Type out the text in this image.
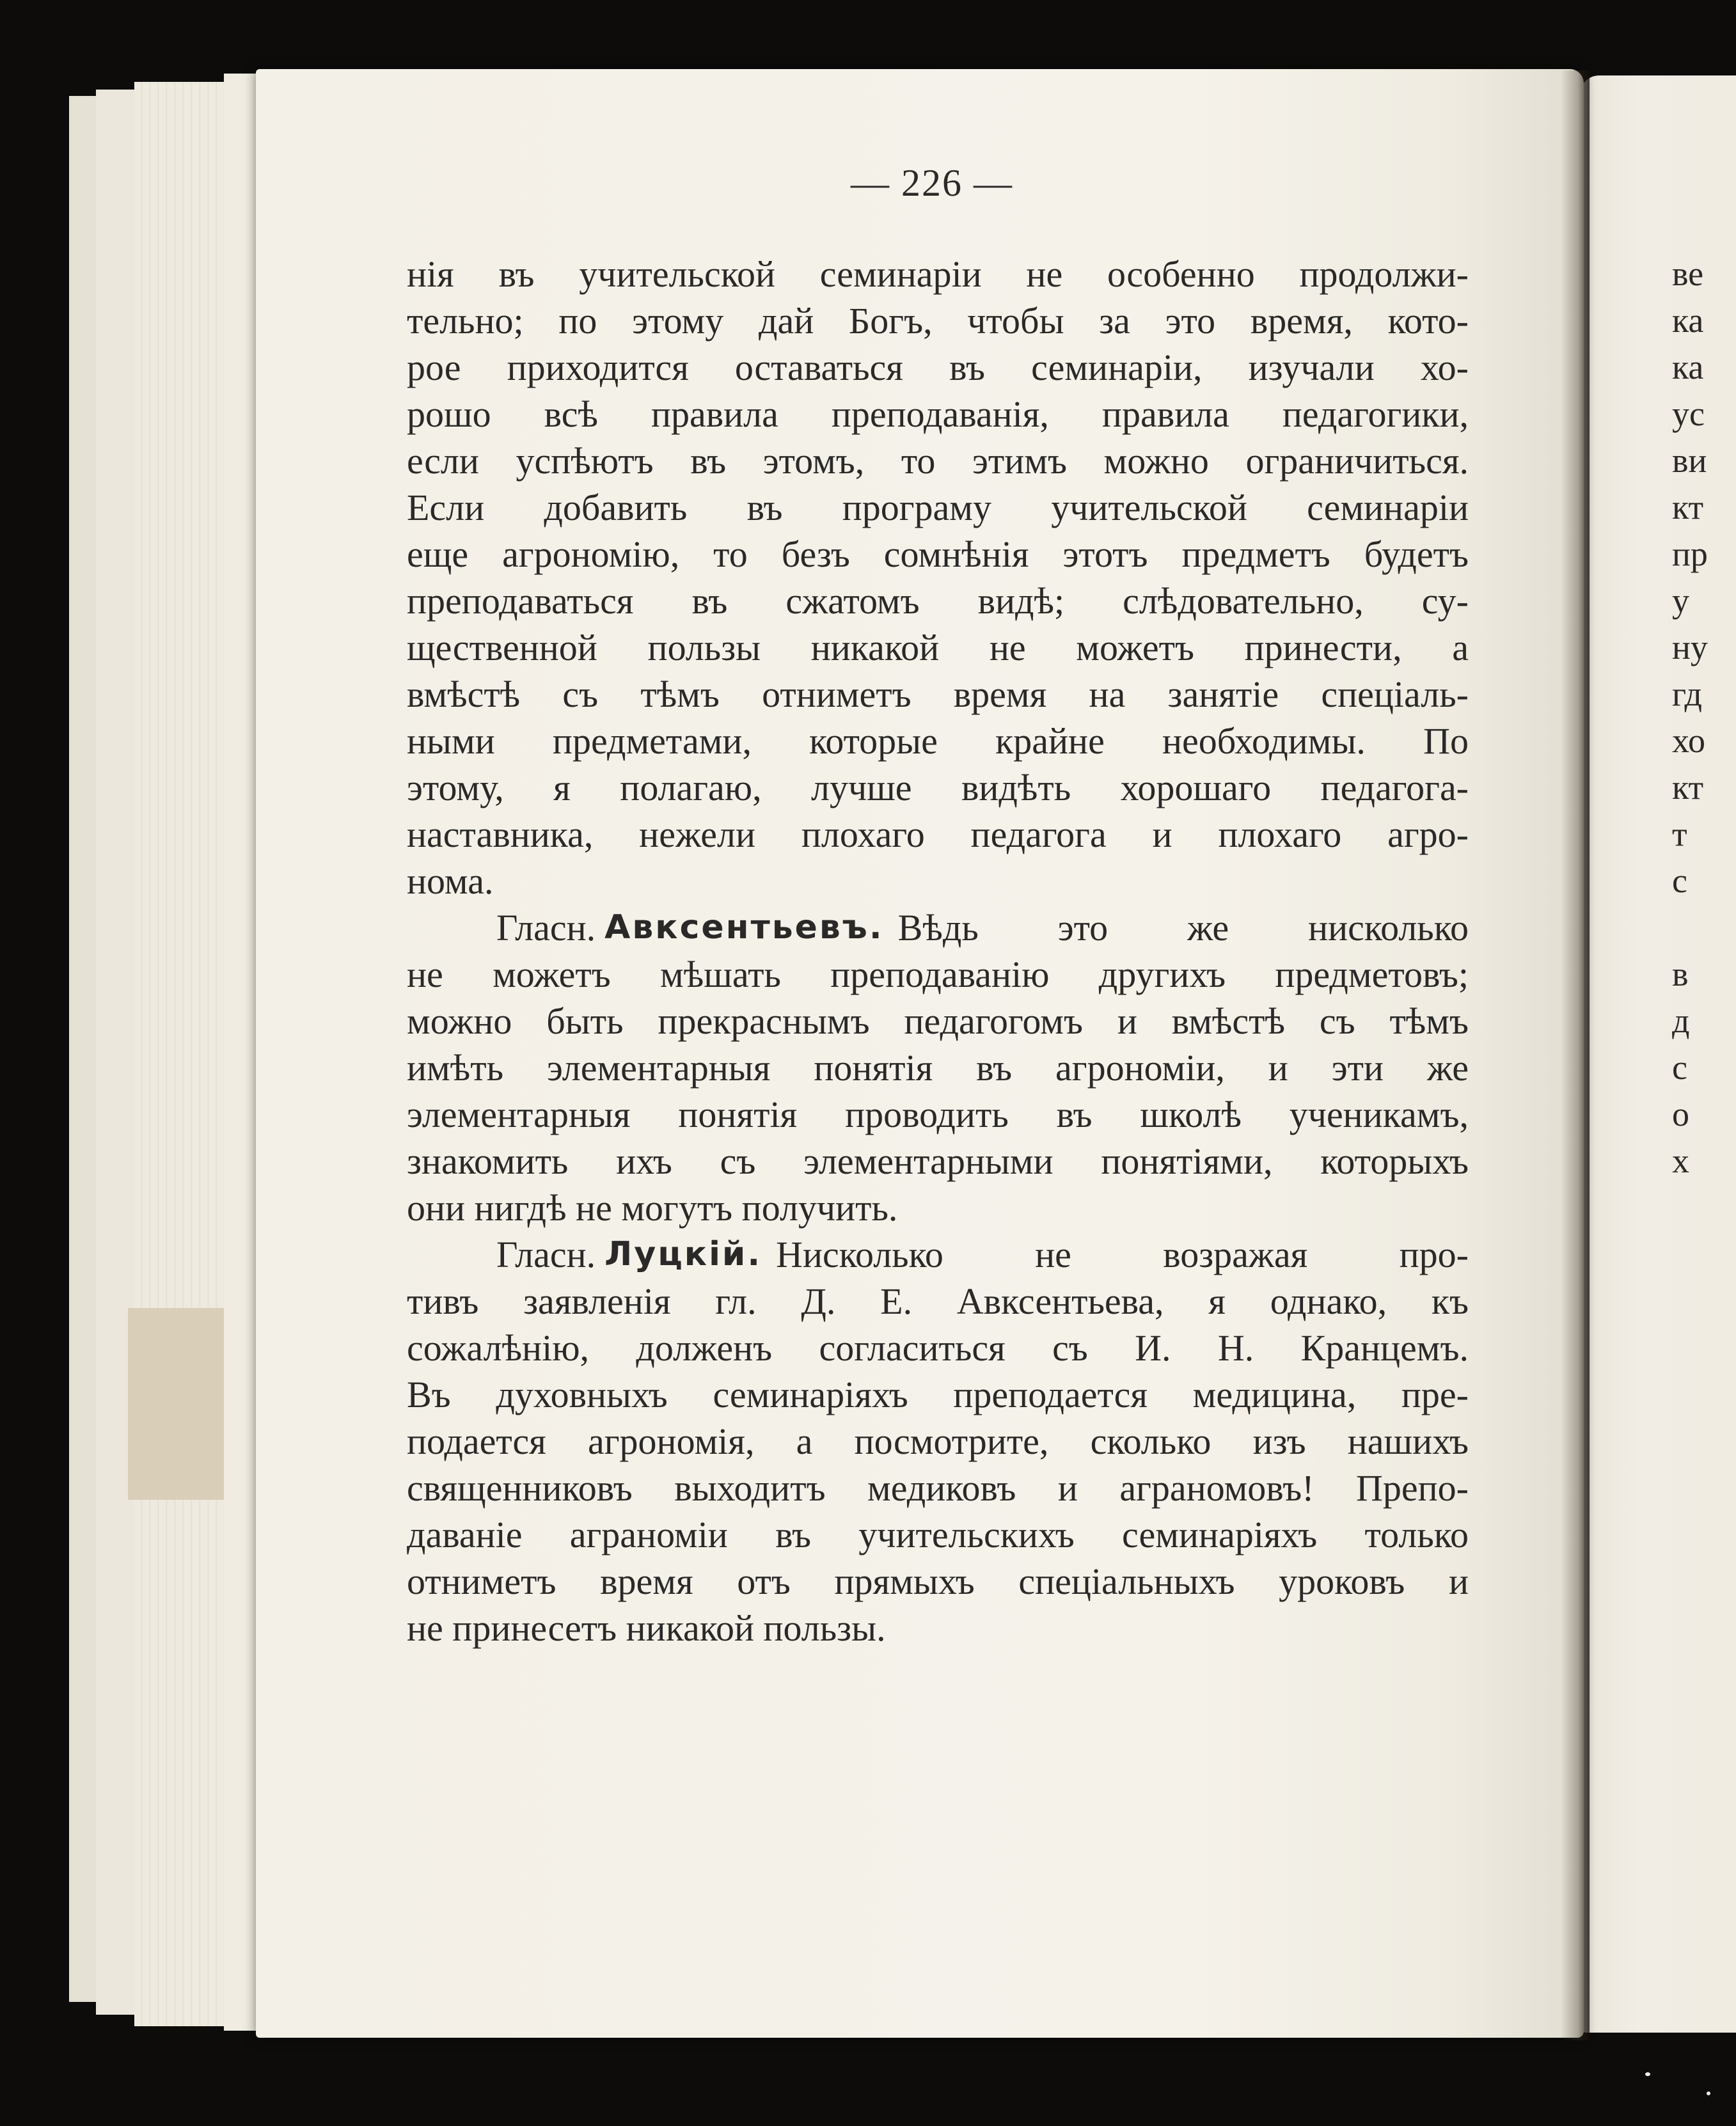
ве
ка
ка
ус
ви
кт
пр
у
ну
гд
хо
кт
т
с
в
д
с
о
х
— 226 —
нія въ учительской семинаріи не особенно продолжи-
тельно; по этому дай Богъ, чтобы за это время, кото-
рое приходится оставаться въ семинаріи, изучали хо-
рошо всѣ правила преподаванія, правила педагогики,
если успѣютъ въ этомъ, то этимъ можно ограничиться.
Если добавить въ програму учительской семинаріи
еще агрономію, то безъ сомнѣнія этотъ предметъ будетъ
преподаваться въ сжатомъ видѣ; слѣдовательно, су-
щественной пользы никакой не можетъ принести, а
вмѣстѣ съ тѣмъ отниметъ время на занятіе спеціаль-
ными предметами, которые крайне необходимы. По
этому, я полагаю, лучше видѣть хорошаго педагога-
наставника, нежели плохаго педагога и плохаго агро-
нома.
Гласн. Авксентьевъ. Вѣдь это же нисколько
не можетъ мѣшать преподаванію другихъ предметовъ;
можно быть прекраснымъ педагогомъ и вмѣстѣ съ тѣмъ
имѣть элементарныя понятія въ агрономіи, и эти же
элементарныя понятія проводить въ школѣ ученикамъ,
знакомить ихъ съ элементарными понятіями, которыхъ
они нигдѣ не могутъ получить.
Гласн. Луцкій. Нисколько не возражая про-
тивъ заявленія гл. Д. Е. Авксентьева, я однако, къ
сожалѣнію, долженъ согласиться съ И. Н. Кранцемъ.
Въ духовныхъ семинаріяхъ преподается медицина, пре-
подается агрономія, а посмотрите, сколько изъ нашихъ
священниковъ выходитъ медиковъ и аграномовъ! Препо-
даваніе аграноміи въ учительскихъ семинаріяхъ только
отниметъ время отъ прямыхъ спеціальныхъ уроковъ и
не принесетъ никакой пользы.
